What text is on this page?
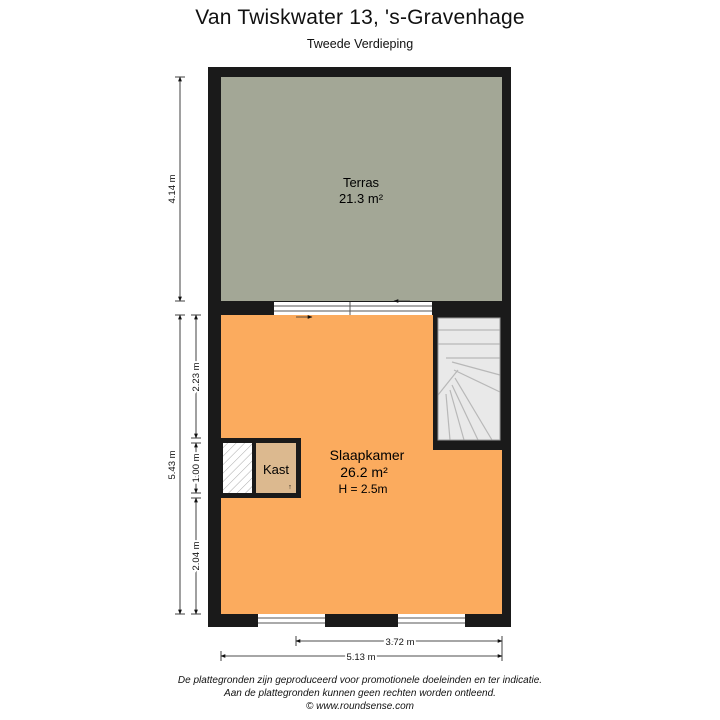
Van Twiskwater 13, 's-Gravenhage
Tweede Verdieping
Terras
21.3 m²
Slaapkamer
26.2 m²
H = 2.5m
Kast
↑
4.14 m
5.43 m
2.23 m
1.00 m
2.04 m
3.72 m
5.13 m
De plattegronden zijn geproduceerd voor promotionele doeleinden en ter indicatie.
Aan de plattegronden kunnen geen rechten worden ontleend.
© www.roundsense.com
